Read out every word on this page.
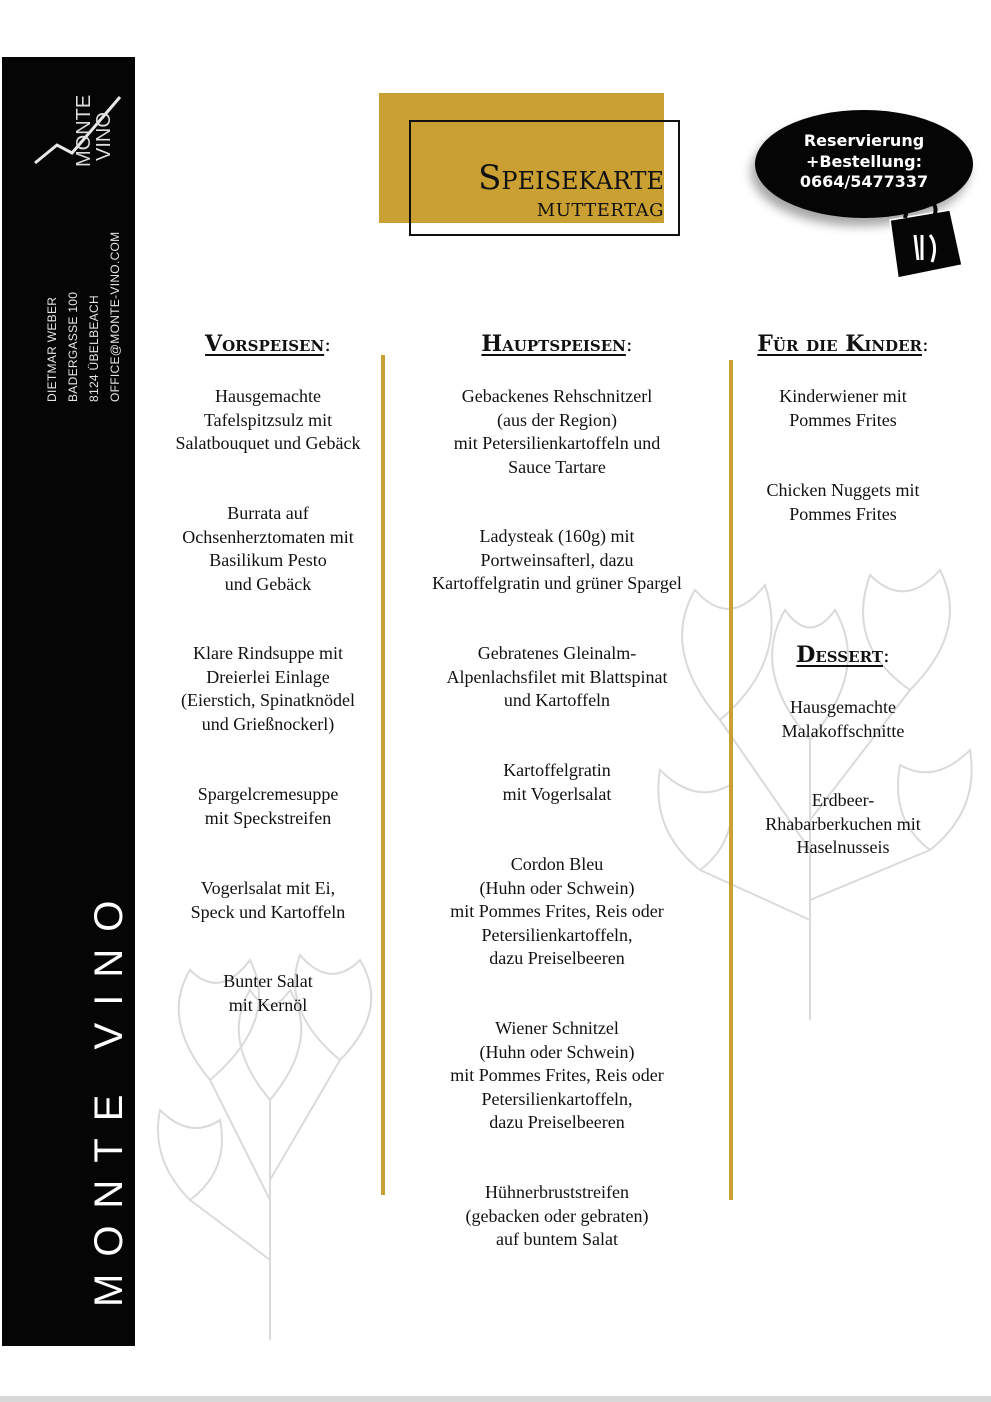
MONTE
VINO
DIETMAR WEBER BADERGASSE 100 8124 ÜBELBEACH OFFICE@MONTE-VINO.COM
MONTE VINO
Speisekarte
MUTTERTAG
Reservierung
+Bestellung:
0664/5477337
Vorspeisen:
Hausgemachte
Tafelspitzsulz mit
Salatbouquet und Gebäck
Burrata auf
Ochsenherztomaten mit
Basilikum Pesto
und Gebäck
Klare Rindsuppe mit
Dreierlei Einlage
(Eierstich, Spinatknödel
und Grießnockerl)
Spargelcremesuppe
mit Speckstreifen
Vogerlsalat mit Ei,
Speck und Kartoffeln
Bunter Salat
mit Kernöl
Hauptspeisen:
Gebackenes Rehschnitzerl
(aus der Region)
mit Petersilienkartoffeln und
Sauce Tartare
Ladysteak (160g) mit
Portweinsafterl, dazu
Kartoffelgratin und grüner Spargel
Gebratenes Gleinalm-
Alpenlachsfilet mit Blattspinat
und Kartoffeln
Kartoffelgratin
mit Vogerlsalat
Cordon Bleu
(Huhn oder Schwein)
mit Pommes Frites, Reis oder
Petersilienkartoffeln,
dazu Preiselbeeren
Wiener Schnitzel
(Huhn oder Schwein)
mit Pommes Frites, Reis oder
Petersilienkartoffeln,
dazu Preiselbeeren
Hühnerbruststreifen
(gebacken oder gebraten)
auf buntem Salat
Für die Kinder:
Kinderwiener mit
Pommes Frites
Chicken Nuggets mit
Pommes Frites
Dessert:
Hausgemachte
Malakoffschnitte
Erdbeer-
Rhabarberkuchen mit
Haselnusseis
